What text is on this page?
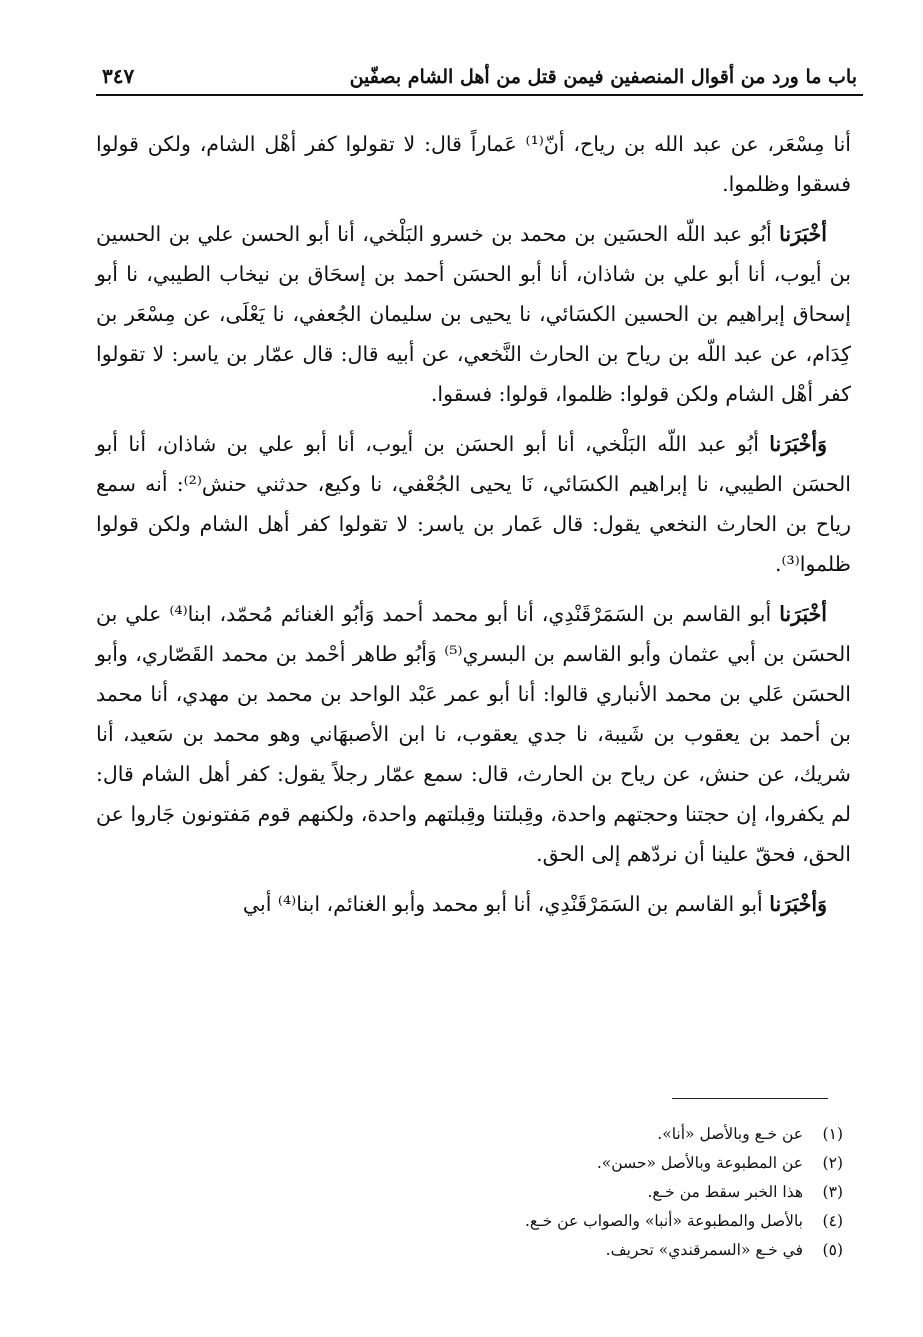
باب ما ورد من أقوال المنصفين فيمن قتل من أهل الشام بصفّين
٣٤٧

أنا مِسْعَر، عن عبد الله بن رياح، أنّ⁽¹⁾ عَماراً قال: لا تقولوا كفر أهْل الشام، ولكن قولوا فسقوا وظلموا.

أخْبَرَنا أبُو عبد اللّه الحسَين بن محمد بن خسرو البَلْخي، أنا أبو الحسن علي بن الحسين بن أيوب، أنا أبو علي بن شاذان، أنا أبو الحسَن أحمد بن إسحَاق بن نيخاب الطيبي، نا أبو إسحاق إبراهيم بن الحسين الكسَائي، نا يحيى بن سليمان الجُعفي، نا يَعْلَى، عن مِسْعَر بن كِدَام، عن عبد اللّه بن رياح بن الحارث النَّخعي، عن أبيه قال: قال عمّار بن ياسر: لا تقولوا كفر أهْل الشام ولكن قولوا: ظلموا، قولوا: فسقوا.

وَأخْبَرَنا أبُو عبد اللّه البَلْخي، أنا أبو الحسَن بن أيوب، أنا أبو علي بن شاذان، أنا أبو الحسَن الطيبي، نا إبراهيم الكسَائي، نَا يحيى الجُعْفي، نا وكيع، حدثني حنش⁽²⁾: أنه سمع رياح بن الحارث النخعي يقول: قال عَمار بن ياسر: لا تقولوا كفر أهل الشام ولكن قولوا ظلموا⁽³⁾.

أخْبَرَنا أبو القاسم بن السَمَرْقَنْدِي، أنا أبو محمد أحمد وَأبُو الغنائم مُحمّد، ابنا⁽⁴⁾ علي بن الحسَن بن أبي عثمان وأبو القاسم بن البسري⁽⁵⁾ وَأبُو طاهر أحْمد بن محمد القَصّاري، وأبو الحسَن عَلي بن محمد الأنباري قالوا: أنا أبو عمر عَبْد الواحد بن محمد بن مهدي، أنا محمد بن أحمد بن يعقوب بن شَيبة، نا جدي يعقوب، نا ابن الأصبهَاني وهو محمد بن سَعيد، أنا شريك، عن حنش، عن رياح بن الحارث، قال: سمع عمّار رجلاً يقول: كفر أهل الشام قال: لم يكفروا، إن حجتنا وحجتهم واحدة، وقِبلتنا وقِبلتهم واحدة، ولكنهم قوم مَفتونون جَاروا عن الحق، فحقّ علينا أن نردّهم إلى الحق.

وَأخْبَرَنا أبو القاسم بن السَمَرْقَنْدِي، أنا أبو محمد وأبو الغنائم، ابنا⁽⁴⁾ أبي

(١)عن خـع وبالأصل «أنا».
(٢)عن المطبوعة وبالأصل «حسن».
(٣)هذا الخبر سقط من خـع.
(٤)بالأصل والمطبوعة «أنبا» والصواب عن خـع.
(٥)في خـع «السمرقندي» تحريف.
